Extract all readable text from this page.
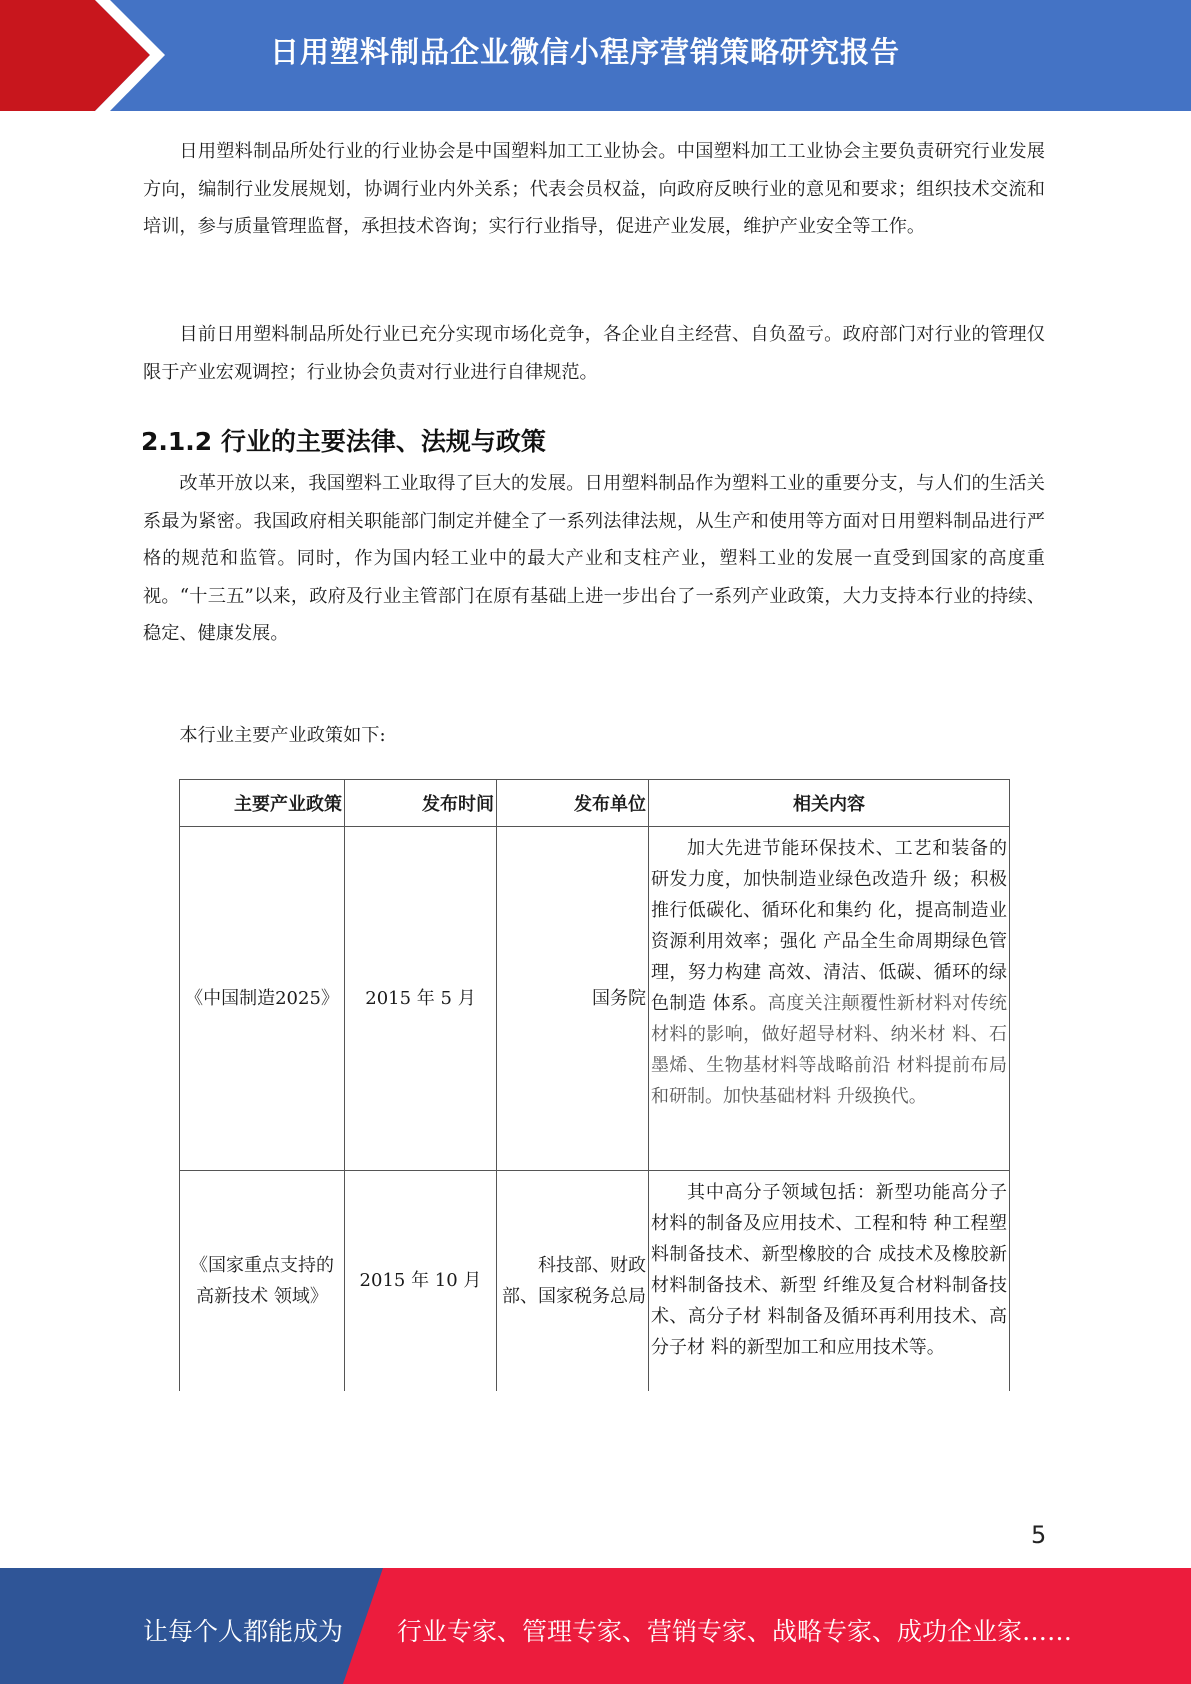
日用塑料制品企业微信小程序营销策略研究报告

日用塑料制品所处行业的行业协会是中国塑料加工工业协会。中国塑料加工工业协会主要负责研究行业发展方向，编制行业发展规划，协调行业内外关系；代表会员权益，向政府反映行业的意见和要求；组织技术交流和培训，参与质量管理监督，承担技术咨询；实行行业指导，促进产业发展，维护产业安全等工作。

目前日用塑料制品所处行业已充分实现市场化竞争，各企业自主经营、自负盈亏。政府部门对行业的管理仅限于产业宏观调控；行业协会负责对行业进行自律规范。

2.1.2 行业的主要法律、法规与政策

改革开放以来，我国塑料工业取得了巨大的发展。日用塑料制品作为塑料工业的重要分支，与人们的生活关系最为紧密。我国政府相关职能部门制定并健全了一系列法律法规，从生产和使用等方面对日用塑料制品进行严格的规范和监管。同时，作为国内轻工业中的最大产业和支柱产业，塑料工业的发展一直受到国家的高度重视。“十三五”以来，政府及行业主管部门在原有基础上进一步出台了一系列产业政策，大力支持本行业的持续、稳定、健康发展。

本行业主要产业政策如下:

主要产业政策	发布时间	发布单位	相关内容
《中国制造2025》	2015 年 5 月	国务院	加大先进节能环保技术、工艺和装备的研发力度，加快制造业绿色改造升 级；积极推行低碳化、循环化和集约 化，提高制造业资源利用效率；强化 产品全生命周期绿色管理，努力构建 高效、清洁、低碳、循环的绿色制造 体系。高度关注颠覆性新材料对传统 材料的影响，做好超导材料、纳米材 料、石墨烯、生物基材料等战略前沿 材料提前布局和研制。加快基础材料 升级换代。
《国家重点支持的高新技术 领域》	2015 年 10 月	科技部、财政 部、国家税务总局	其中高分子领域包括：新型功能高分子材料的制备及应用技术、工程和特 种工程塑料制备技术、新型橡胶的合 成技术及橡胶新材料制备技术、新型 纤维及复合材料制备技术、高分子材 料制备及循环再利用技术、高分子材 料的新型加工和应用技术等。
5
让每个人都能成为 行业专家、管理专家、营销专家、战略专家、成功企业家……
